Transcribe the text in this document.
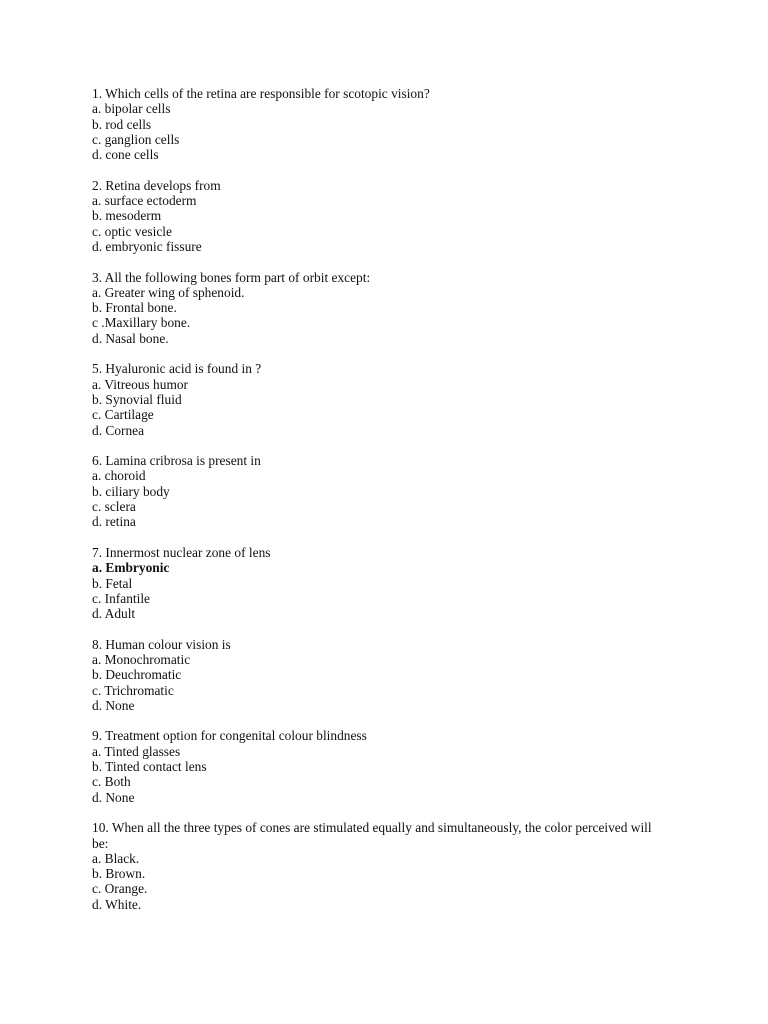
1. Which cells of the retina are responsible for scotopic vision?
a. bipolar cells
b. rod cells
c. ganglion cells
d. cone cells
2. Retina develops from
a. surface ectoderm
b. mesoderm
c. optic vesicle
d. embryonic fissure
3. All the following bones form part of orbit except:
a. Greater wing of sphenoid.
b. Frontal bone.
c .Maxillary bone.
d. Nasal bone.
5. Hyaluronic acid is found in ?
a. Vitreous humor
b. Synovial fluid
c. Cartilage
d. Cornea
6. Lamina cribrosa is present in
a. choroid
b. ciliary body
c. sclera
d. retina
7. Innermost nuclear zone of lens
a. Embryonic
b. Fetal
c. Infantile
d. Adult
8. Human colour vision is
a. Monochromatic
b. Deuchromatic
c. Trichromatic
d. None
9. Treatment option for congenital colour blindness
a. Tinted glasses
b. Tinted contact lens
c. Both
d. None
10. When all the three types of cones are stimulated equally and simultaneously, the color perceived will be:
a. Black.
b. Brown.
c. Orange.
d. White.
